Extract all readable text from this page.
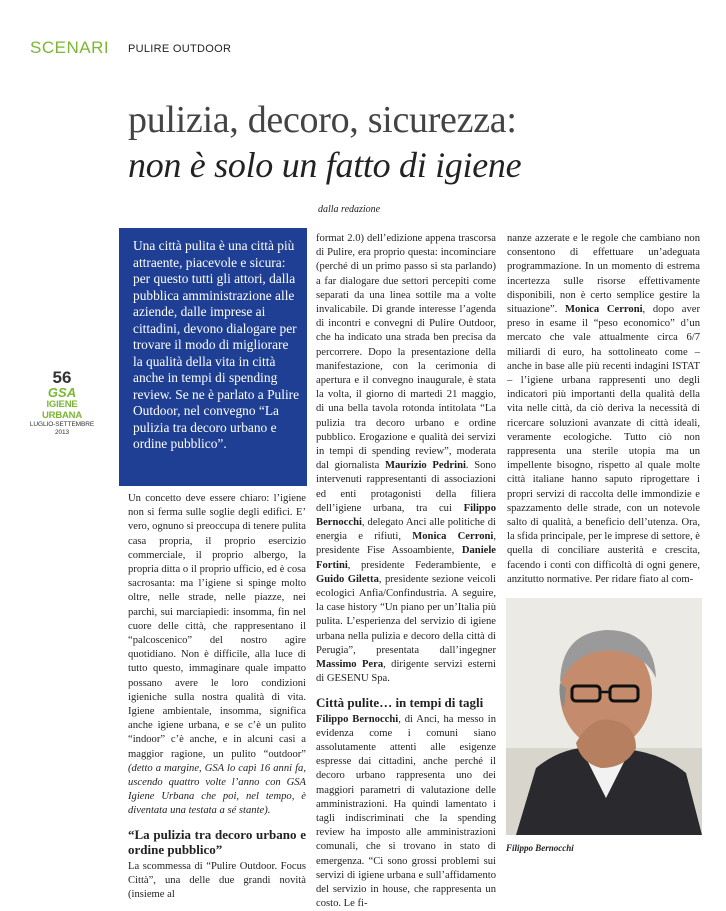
SCENARI PULIRE OUTDOOR
pulizia, decoro, sicurezza:
non è solo un fatto di igiene
dalla redazione
56
GSA
IGIENE URBANA
LUGLIO-SETTEMBRE 2013
Una città pulita è una città più attraente, piacevole e sicura: per questo tutti gli attori, dalla pubblica amministrazione alle aziende, dalle imprese ai cittadini, devono dialogare per trovare il modo di migliorare la qualità della vita in città anche in tempi di spending review. Se ne è parlato a Pulire Outdoor, nel convegno “La pulizia tra decoro urbano e ordine pubblico”.

Un concetto deve essere chiaro: l’igiene non si ferma sulle soglie degli edifici. E’ vero, ognuno si preoccupa di tenere pulita casa propria, il proprio esercizio commerciale, il proprio albergo, la propria ditta o il proprio ufficio, ed è cosa sacrosanta: ma l’igiene si spinge molto oltre, nelle strade, nelle piazze, nei parchi, sui marciapiedi: insomma, fin nel cuore delle città, che rappresentano il “palcoscenico” del nostro agire quotidiano. Non è difficile, alla luce di tutto questo, immaginare quale impatto possano avere le loro condizioni igieniche sulla nostra qualità di vita. Igiene ambientale, insomma, significa anche igiene urbana, e se c’è un pulito “indoor” c’è anche, e in alcuni casi a maggior ragione, un pulito “outdoor” (detto a margine, GSA lo capì 16 anni fa, uscendo quattro volte l’anno con GSA Igiene Urbana che poi, nel tempo, è diventata una testata a sé stante).

“La pulizia tra decoro urbano e ordine pubblico”

La scommessa di “Pulire Outdoor. Focus Città”, una delle due grandi novità (insieme al

format 2.0) dell’edizione appena trascorsa di Pulire, era proprio questa: incominciare (perché di un primo passo si sta parlando) a far dialogare due settori percepiti come separati da una linea sottile ma a volte invalicabile. Di grande interesse l’agenda di incontri e convegni di Pulire Outdoor, che ha indicato una strada ben precisa da percorrere. Dopo la presentazione della manifestazione, con la cerimonia di apertura e il convegno inaugurale, è stata la volta, il giorno di martedì 21 maggio, di una bella tavola rotonda intitolata “La pulizia tra decoro urbano e ordine pubblico. Erogazione e qualità dei servizi in tempi di spending review”, moderata dal giornalista Maurizio Pedrini. Sono intervenuti rappresentanti di associazioni ed enti protagonisti della filiera dell’igiene urbana, tra cui Filippo Bernocchi, delegato Anci alle politiche di energia e rifiuti, Monica Cerroni, presidente Fise Assoambiente, Daniele Fortini, presidente Federambiente, e Guido Giletta, presidente sezione veicoli ecologici Anfia/Confindustria. A seguire, la case history “Un piano per un’Italia più pulita. L’esperienza del servizio di igiene urbana nella pulizia e decoro della città di Perugia”, presentata dall’ingegner Massimo Pera, dirigente servizi esterni di GESENU Spa.

Città pulite… in tempi di tagli

Filippo Bernocchi, di Anci, ha messo in evidenza come i comuni siano assolutamente attenti alle esigenze espresse dai cittadini, anche perché il decoro urbano rappresenta uno dei maggiori parametri di valutazione delle amministrazioni. Ha quindi lamentato i tagli indiscriminati che la spending review ha imposto alle amministrazioni comunali, che si trovano in stato di emergenza. “Ci sono grossi problemi sui servizi di igiene urbana e sull’affidamento del servizio in house, che rappresenta un costo. Le fi-

nanze azzerate e le regole che cambiano non consentono di effettuare un’adeguata programmazione. In un momento di estrema incertezza sulle risorse effettivamente disponibili, non è certo semplice gestire la situazione”. Monica Cerroni, dopo aver preso in esame il “peso economico” d’un mercato che vale attualmente circa 6/7 miliardi di euro, ha sottolineato come – anche in base alle più recenti indagini ISTAT – l’igiene urbana rappresenti uno degli indicatori più importanti della qualità della vita nelle città, da ciò deriva la necessità di ricercare soluzioni avanzate di città ideali, veramente ecologiche. Tutto ciò non rappresenta una sterile utopia ma un impellente bisogno, rispetto al quale molte città italiane hanno saputo riprogettare i propri servizi di raccolta delle immondizie e spazzamento delle strade, con un notevole salto di qualità, a beneficio dell’utenza. Ora, la sfida principale, per le imprese di settore, è quella di conciliare austerità e crescita, facendo i conti con difficoltà di ogni genere, anzitutto normative. Per ridare fiato al com-

Filippo Bernocchi
